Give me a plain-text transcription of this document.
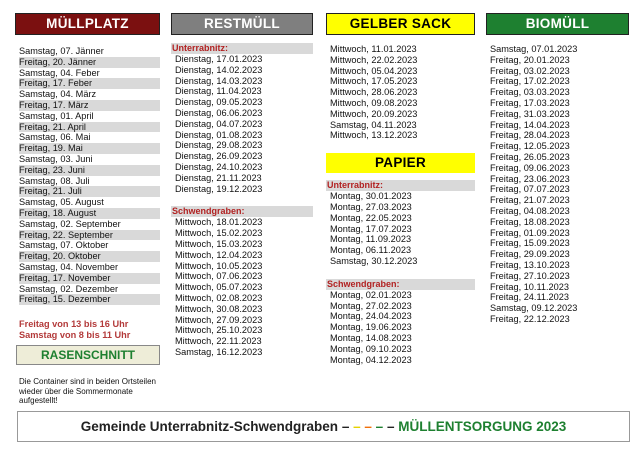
MÜLLPLATZ
Samstag, 07. Jänner
Freitag, 20. Jänner
Samstag, 04. Feber
Freitag, 17. Feber
Samstag, 04. März
Freitag, 17. März
Samstag, 01. April
Freitag, 21. April
Samstag, 06. Mai
Freitag, 19. Mai
Samstag, 03. Juni
Freitag, 23. Juni
Samstag, 08. Juli
Freitag, 21. Juli
Samstag, 05. August
Freitag, 18. August
Samstag, 02. September
Freitag, 22. September
Samstag, 07. Oktober
Freitag, 20. Oktober
Samstag, 04. November
Freitag, 17. November
Samstag, 02. Dezember
Freitag, 15. Dezember
Freitag von 13 bis 16 Uhr
Samstag von 8 bis 11 Uhr
RASENSCHNITT
Die Container sind in beiden Ortsteilen wieder über die Sommermonate aufgestellt!
RESTMÜLL
Unterrabnitz:
Dienstag, 17.01.2023
Dienstag, 14.02.2023
Dienstag, 14.03.2023
Dienstag, 11.04.2023
Dienstag, 09.05.2023
Dienstag, 06.06.2023
Dienstag, 04.07.2023
Dienstag, 01.08.2023
Dienstag, 29.08.2023
Dienstag, 26.09.2023
Dienstag, 24.10.2023
Dienstag, 21.11.2023
Dienstag, 19.12.2023
Schwendgraben:
Mittwoch, 18.01.2023
Mittwoch, 15.02.2023
Mittwoch, 15.03.2023
Mittwoch, 12.04.2023
Mittwoch, 10.05.2023
Mittwoch, 07.06.2023
Mittwoch, 05.07.2023
Mittwoch, 02.08.2023
Mittwoch, 30.08.2023
Mittwoch, 27.09.2023
Mittwoch, 25.10.2023
Mittwoch, 22.11.2023
Samstag, 16.12.2023
GELBER SACK
Mittwoch, 11.01.2023
Mittwoch, 22.02.2023
Mittwoch, 05.04.2023
Mittwoch, 17.05.2023
Mittwoch, 28.06.2023
Mittwoch, 09.08.2023
Mittwoch, 20.09.2023
Samstag, 04.11.2023
Mittwoch, 13.12.2023
PAPIER
Unterrabnitz:
Montag, 30.01.2023
Montag, 27.03.2023
Montag, 22.05.2023
Montag, 17.07.2023
Montag, 11.09.2023
Montag, 06.11.2023
Samstag, 30.12.2023
Schwendgraben:
Montag, 02.01.2023
Montag, 27.02.2023
Montag, 24.04.2023
Montag, 19.06.2023
Montag, 14.08.2023
Montag, 09.10.2023
Montag, 04.12.2023
BIOMÜLL
Samstag, 07.01.2023
Freitag, 20.01.2023
Freitag, 03.02.2023
Freitag, 17.02.2023
Freitag, 03.03.2023
Freitag, 17.03.2023
Freitag, 31.03.2023
Freitag, 14.04.2023
Freitag, 28.04.2023
Freitag, 12.05.2023
Freitag, 26.05.2023
Freitag, 09.06.2023
Freitag, 23.06.2023
Freitag, 07.07.2023
Freitag, 21.07.2023
Freitag, 04.08.2023
Freitag, 18.08.2023
Freitag, 01.09.2023
Freitag, 15.09.2023
Freitag, 29.09.2023
Freitag, 13.10.2023
Freitag, 27.10.2023
Freitag, 10.11.2023
Freitag, 24.11.2023
Samstag, 09.12.2023
Freitag, 22.12.2023
Gemeinde Unterrabnitz-Schwendgraben – – – – – MÜLLENTSORGUNG 2023
